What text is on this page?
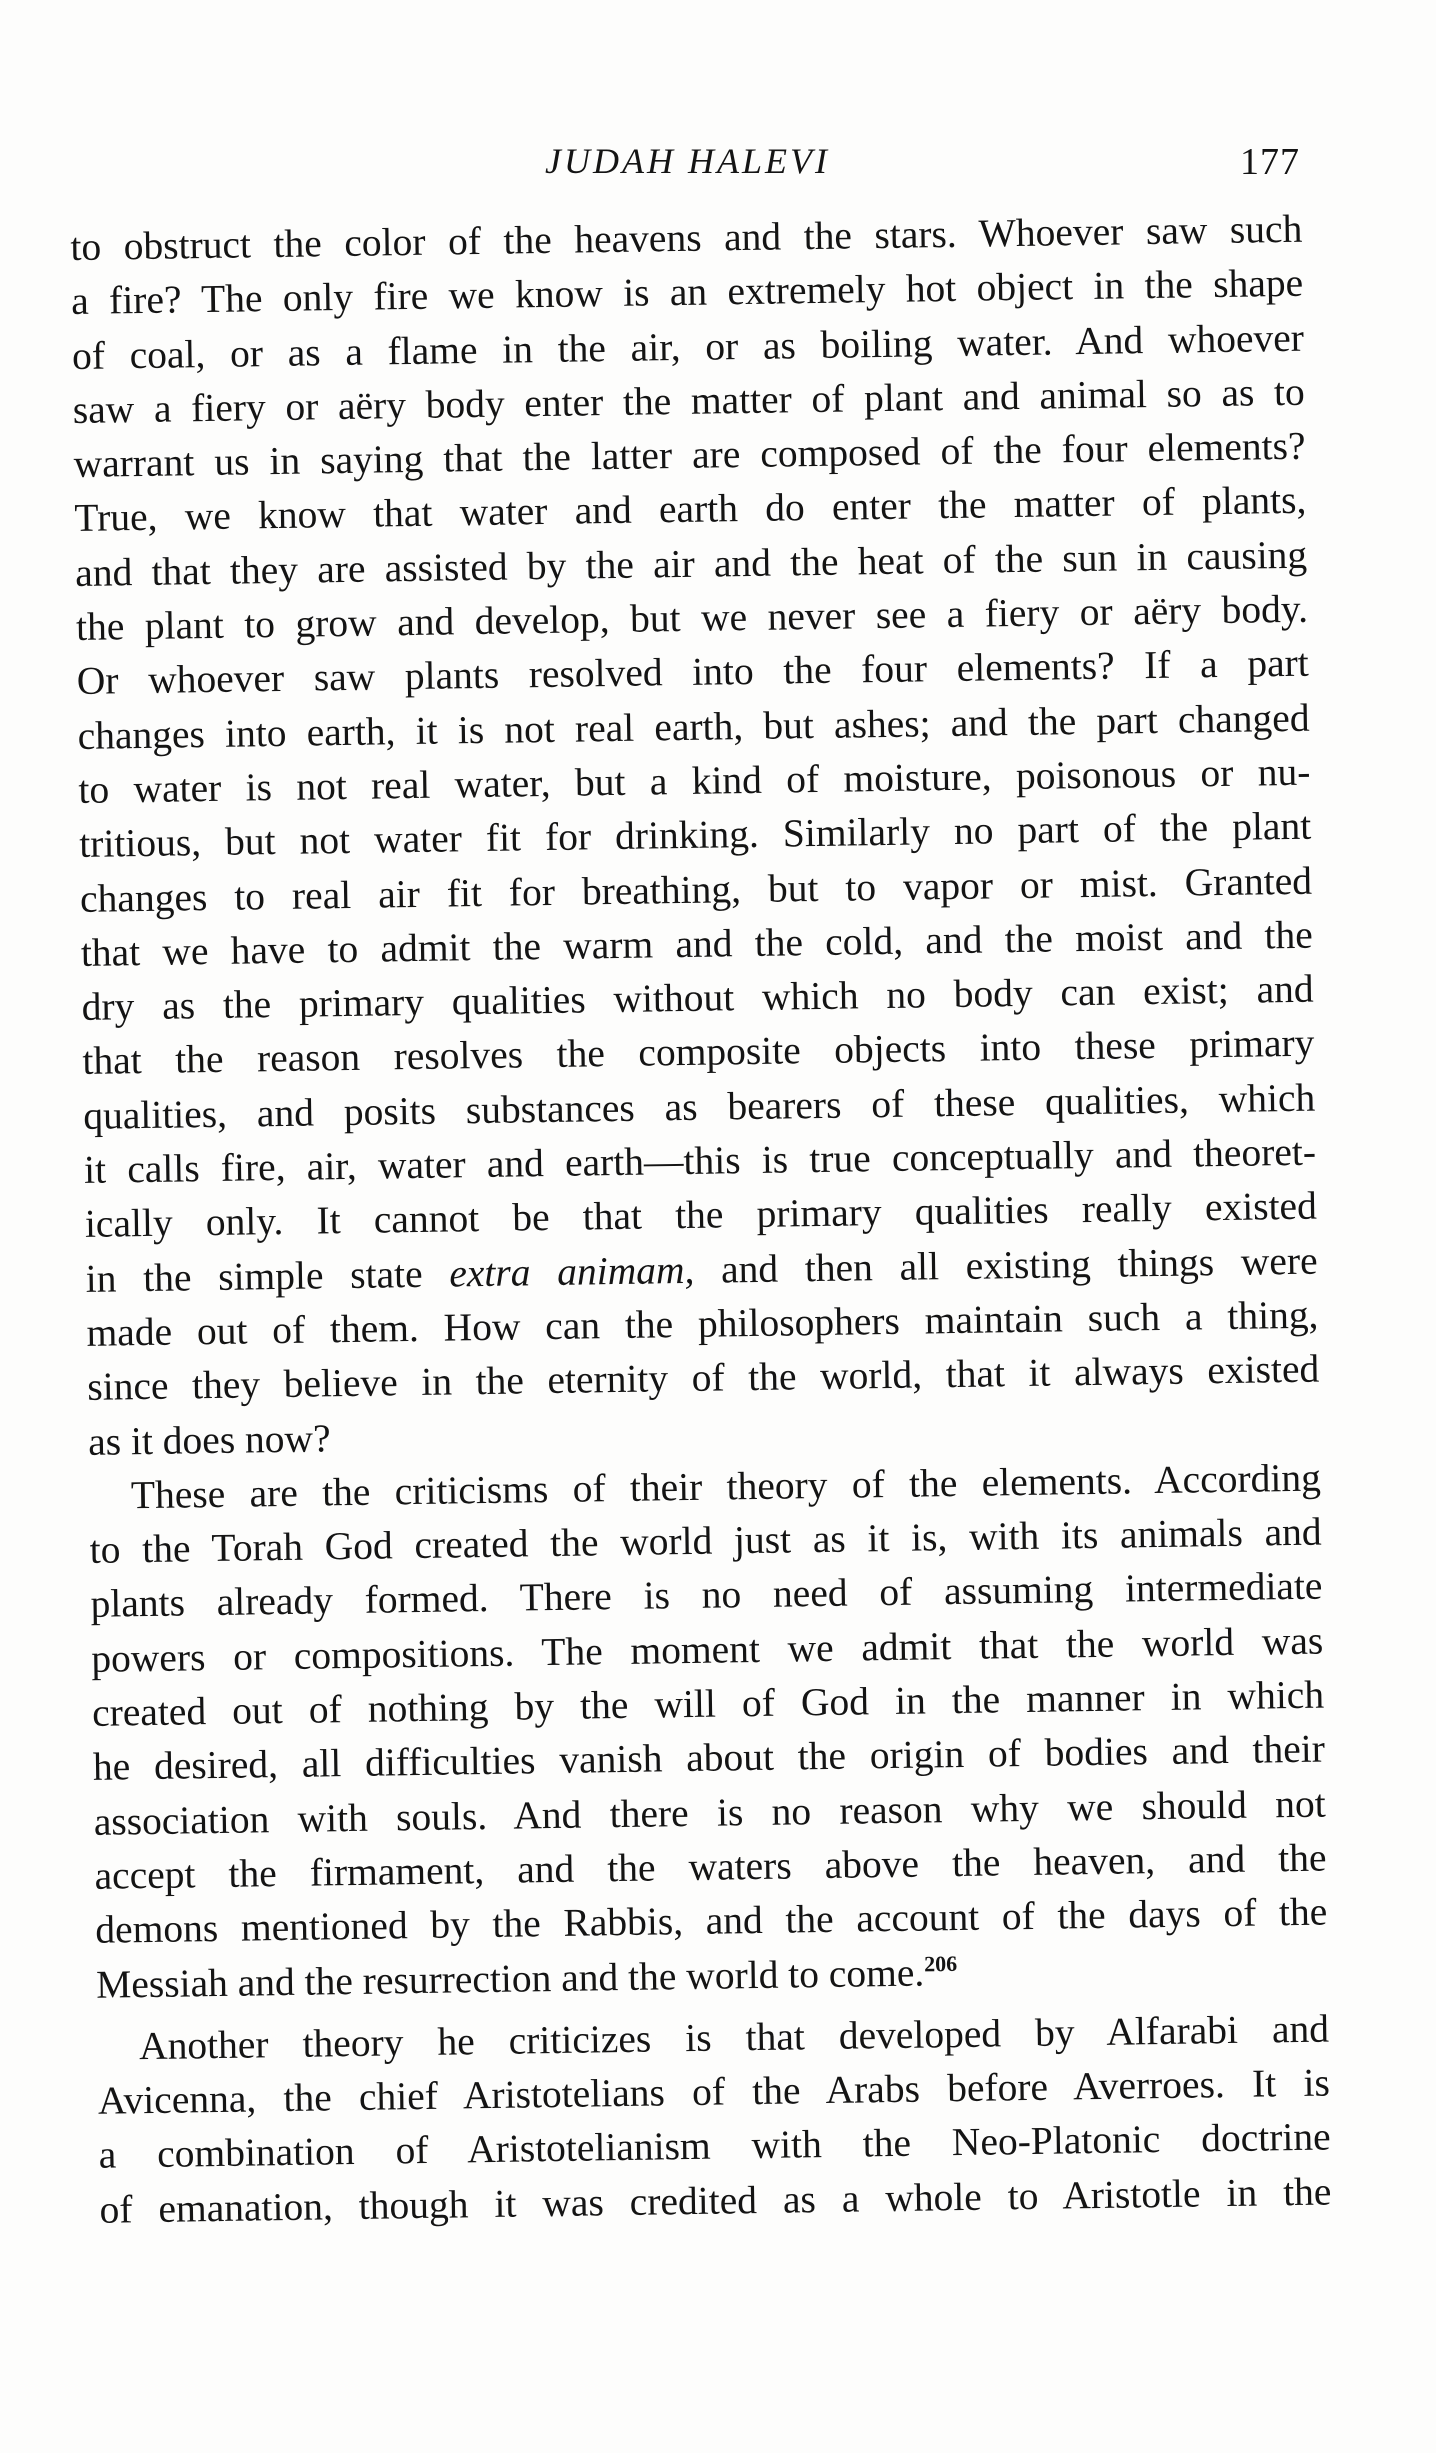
JUDAH HALEVI	177
to obstruct the color of the heavens and the stars. Whoever saw such
a fire? The only fire we know is an extremely hot object in the shape
of coal, or as a flame in the air, or as boiling water. And whoever
saw a fiery or aëry body enter the matter of plant and animal so as to
warrant us in saying that the latter are composed of the four elements?
True, we know that water and earth do enter the matter of plants,
and that they are assisted by the air and the heat of the sun in causing
the plant to grow and develop, but we never see a fiery or aëry body.
Or whoever saw plants resolved into the four elements? If a part
changes into earth, it is not real earth, but ashes; and the part changed
to water is not real water, but a kind of moisture, poisonous or nu-
tritious, but not water fit for drinking. Similarly no part of the plant
changes to real air fit for breathing, but to vapor or mist. Granted
that we have to admit the warm and the cold, and the moist and the
dry as the primary qualities without which no body can exist; and
that the reason resolves the composite objects into these primary
qualities, and posits substances as bearers of these qualities, which
it calls fire, air, water and earth—this is true conceptually and theoret-
ically only. It cannot be that the primary qualities really existed
in the simple state extra animam, and then all existing things were
made out of them. How can the philosophers maintain such a thing,
since they believe in the eternity of the world, that it always existed
as it does now?
These are the criticisms of their theory of the elements. According
to the Torah God created the world just as it is, with its animals and
plants already formed. There is no need of assuming intermediate
powers or compositions. The moment we admit that the world was
created out of nothing by the will of God in the manner in which
he desired, all difficulties vanish about the origin of bodies and their
association with souls. And there is no reason why we should not
accept the firmament, and the waters above the heaven, and the
demons mentioned by the Rabbis, and the account of the days of the
Messiah and the resurrection and the world to come.$^{206}$
Another theory he criticizes is that developed by Alfarabi and
Avicenna, the chief Aristotelians of the Arabs before Averroes. It is
a combination of Aristotelianism with the Neo-Platonic doctrine
of emanation, though it was credited as a whole to Aristotle in the
